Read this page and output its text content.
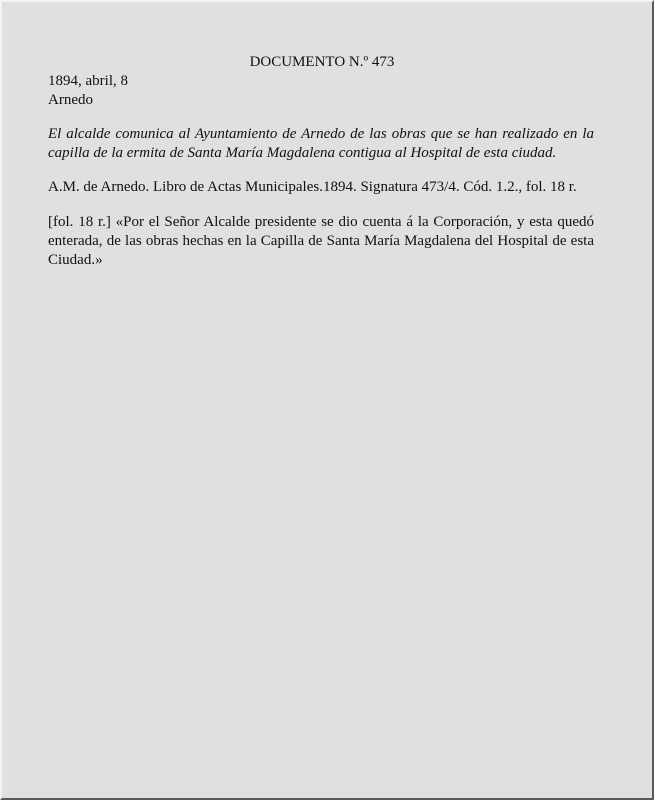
DOCUMENTO N.º 473
1894, abril, 8
Arnedo

El alcalde comunica al Ayuntamiento de Arnedo de las obras que se han realizado en la capilla de la ermita de Santa María Magdalena contigua al Hospital de esta ciudad.

A.M. de Arnedo. Libro de Actas Municipales.1894. Signatura 473/4. Cód. 1.2., fol. 18 r.

[fol. 18 r.] «Por el Señor Alcalde presidente se dio cuenta á la Corporación, y esta quedó enterada, de las obras hechas en la Capilla de Santa María Magdalena del Hospital de esta Ciudad.»
